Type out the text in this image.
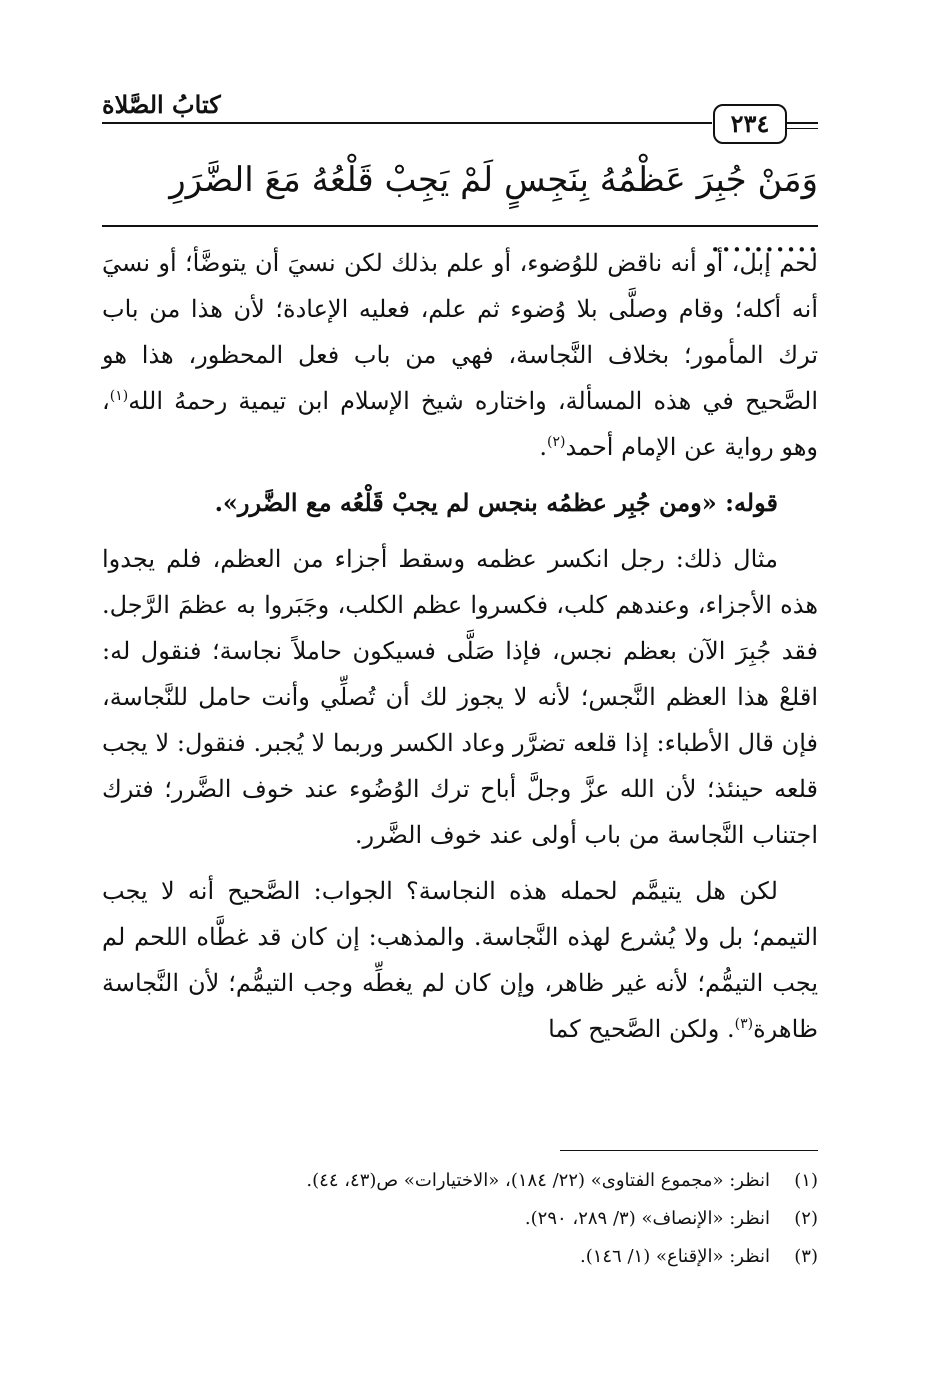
كتابُ الصَّلاة
٢٣٤
وَمَنْ جُبِرَ عَظْمُهُ بِنَجِسٍ لَمْ يَجِبْ قَلْعُهُ مَعَ الضَّرَرِ ..........

لحم إبل، أو أنه ناقض للوُضوء، أو علم بذلك لكن نسيَ أن يتوضَّأ؛ أو نسيَ أنه أكله؛ وقام وصلَّى بلا وُضوء ثم علم، فعليه الإعادة؛ لأن هذا من باب ترك المأمور؛ بخلاف النَّجاسة، فهي من باب فعل المحظور، هذا هو الصَّحيح في هذه المسألة، واختاره شيخ الإسلام ابن تيمية رحمهُ الله$^{(١)}$، وهو رواية عن الإمام أحمد$^{(٢)}$.

قوله: «ومن جُبِر عظمُه بنجس لم يجبْ قَلْعُه مع الضَّرر».

مثال ذلك: رجل انكسر عظمه وسقط أجزاء من العظم، فلم يجدوا هذه الأجزاء، وعندهم كلب، فكسروا عظم الكلب، وجَبَروا به عظمَ الرَّجل. فقد جُبِرَ الآن بعظم نجس، فإذا صَلَّى فسيكون حاملاً نجاسة؛ فنقول له: اقلعْ هذا العظم النَّجس؛ لأنه لا يجوز لك أن تُصلِّي وأنت حامل للنَّجاسة، فإن قال الأطباء: إذا قلعه تضرَّر وعاد الكسر وربما لا يُجبر. فنقول: لا يجب قلعه حينئذ؛ لأن الله عزَّ وجلَّ أباح ترك الوُضُوء عند خوف الضَّرر؛ فترك اجتناب النَّجاسة من باب أولى عند خوف الضَّرر.

لكن هل يتيمَّم لحمله هذه النجاسة؟ الجواب: الصَّحيح أنه لا يجب التيمم؛ بل ولا يُشرع لهذه النَّجاسة. والمذهب: إن كان قد غطَّاه اللحم لم يجب التيمُّم؛ لأنه غير ظاهر، وإن كان لم يغطِّه وجب التيمُّم؛ لأن النَّجاسة ظاهرة$^{(٣)}$. ولكن الصَّحيح كما

(١)
انظر: «مجموع الفتاوى» (٢٢/ ١٨٤)، «الاختيارات» ص(٤٣، ٤٤).
(٢)
انظر: «الإنصاف» (٣/ ٢٨٩، ٢٩٠).
(٣)
انظر: «الإقناع» (١/ ١٤٦).
